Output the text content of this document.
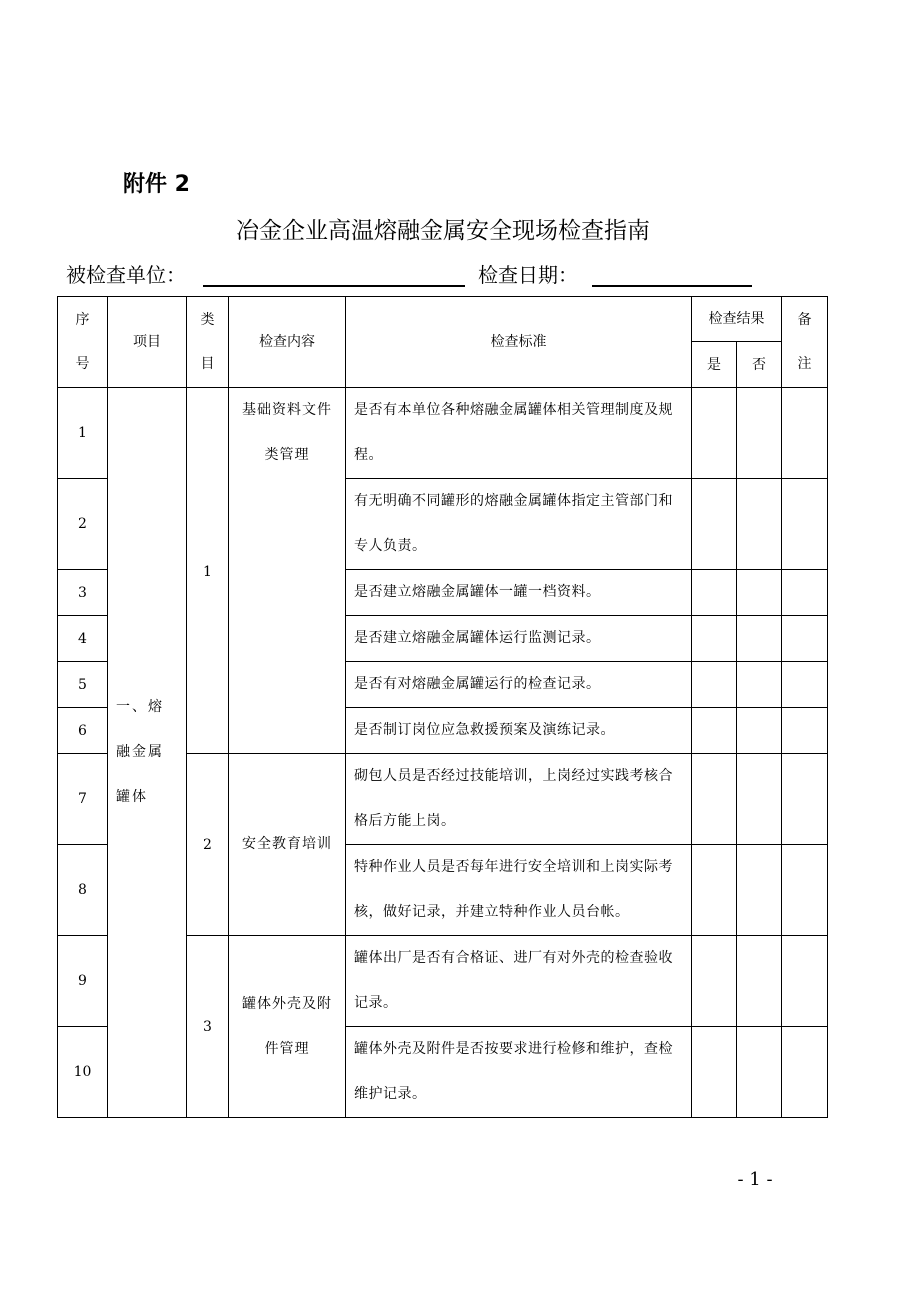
附件 2
冶金企业高温熔融金属安全现场检查指南
被检查单位：	检查日期：
序号	项目	类目	检查内容	检查标准	检查结果		备注

					是	否	
1	一、熔融金属罐体	1	基础资料文件类管理	是否有本单位各种熔融金属罐体相关管理制度及规程。			
2				有无明确不同罐形的熔融金属罐体指定主管部门和专人负责。			
3				是否建立熔融金属罐体一罐一档资料。			
4				是否建立熔融金属罐体运行监测记录。			
5				是否有对熔融金属罐运行的检查记录。			
6				是否制订岗位应急救援预案及演练记录。			
7		2	安全教育培训	砌包人员是否经过技能培训，上岗经过实践考核合格后方能上岗。			
8				特种作业人员是否每年进行安全培训和上岗实际考核，做好记录，并建立特种作业人员台帐。			
9		3	罐体外壳及附件管理	罐体出厂是否有合格证、进厂有对外壳的检查验收记录。			
10				罐体外壳及附件是否按要求进行检修和维护，查检维护记录。			
- 1 -
